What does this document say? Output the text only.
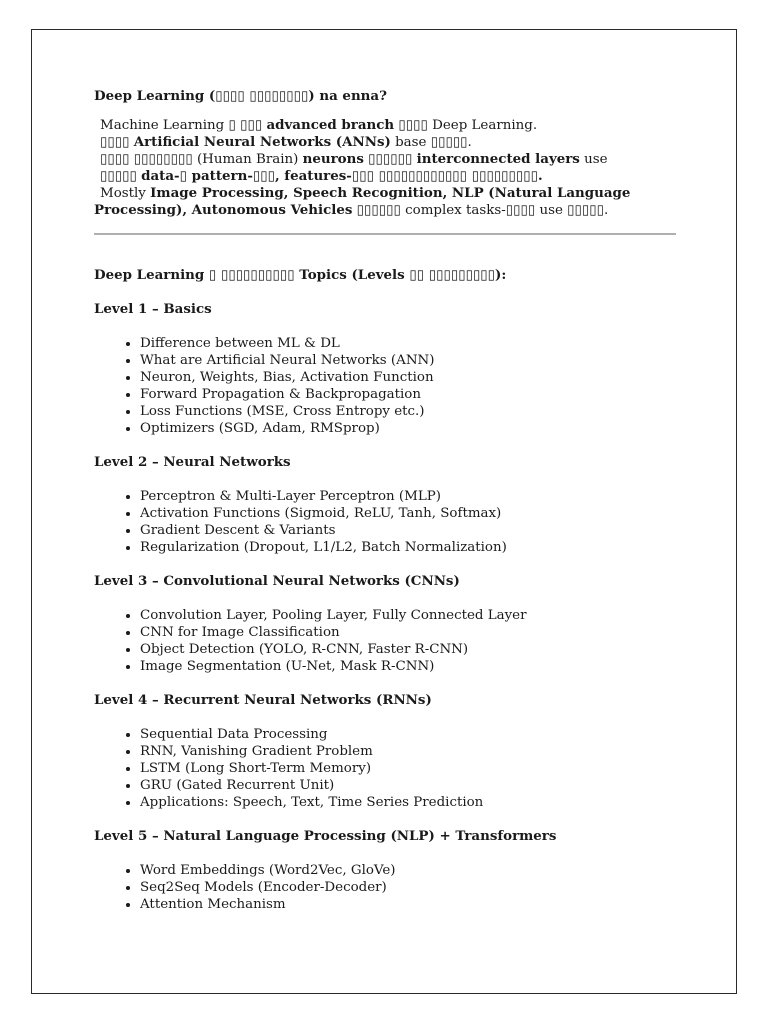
Deep Learning (▯▯▯▯ ▯▯▯▯▯▯▯▯) na enna?

Machine Learning ▯ ▯▯▯ advanced branch ▯▯▯▯ Deep Learning.

▯▯▯▯ Artificial Neural Networks (ANNs) base ▯▯▯▯▯.

▯▯▯▯ ▯▯▯▯▯▯▯▯ (Human Brain) neurons ▯▯▯▯▯▯ interconnected layers use

▯▯▯▯▯ data-▯ pattern-▯▯▯, features-▯▯▯ ▯▯▯▯▯▯▯▯▯▯▯▯ ▯▯▯▯▯▯▯▯▯.

Mostly Image Processing, Speech Recognition, NLP (Natural Language

Processing), Autonomous Vehicles ▯▯▯▯▯▯ complex tasks-▯▯▯▯ use ▯▯▯▯▯.

Deep Learning ▯ ▯▯▯▯▯▯▯▯▯▯ Topics (Levels ▯▯ ▯▯▯▯▯▯▯▯▯):

Level 1 – Basics

• Difference between ML & DL
• What are Artificial Neural Networks (ANN)
• Neuron, Weights, Bias, Activation Function
• Forward Propagation & Backpropagation
• Loss Functions (MSE, Cross Entropy etc.)
• Optimizers (SGD, Adam, RMSprop)

Level 2 – Neural Networks

• Perceptron & Multi-Layer Perceptron (MLP)
• Activation Functions (Sigmoid, ReLU, Tanh, Softmax)
• Gradient Descent & Variants
• Regularization (Dropout, L1/L2, Batch Normalization)

Level 3 – Convolutional Neural Networks (CNNs)

• Convolution Layer, Pooling Layer, Fully Connected Layer
• CNN for Image Classification
• Object Detection (YOLO, R-CNN, Faster R-CNN)
• Image Segmentation (U-Net, Mask R-CNN)

Level 4 – Recurrent Neural Networks (RNNs)

• Sequential Data Processing
• RNN, Vanishing Gradient Problem
• LSTM (Long Short-Term Memory)
• GRU (Gated Recurrent Unit)
• Applications: Speech, Text, Time Series Prediction

Level 5 – Natural Language Processing (NLP) + Transformers

• Word Embeddings (Word2Vec, GloVe)
• Seq2Seq Models (Encoder-Decoder)
• Attention Mechanism
